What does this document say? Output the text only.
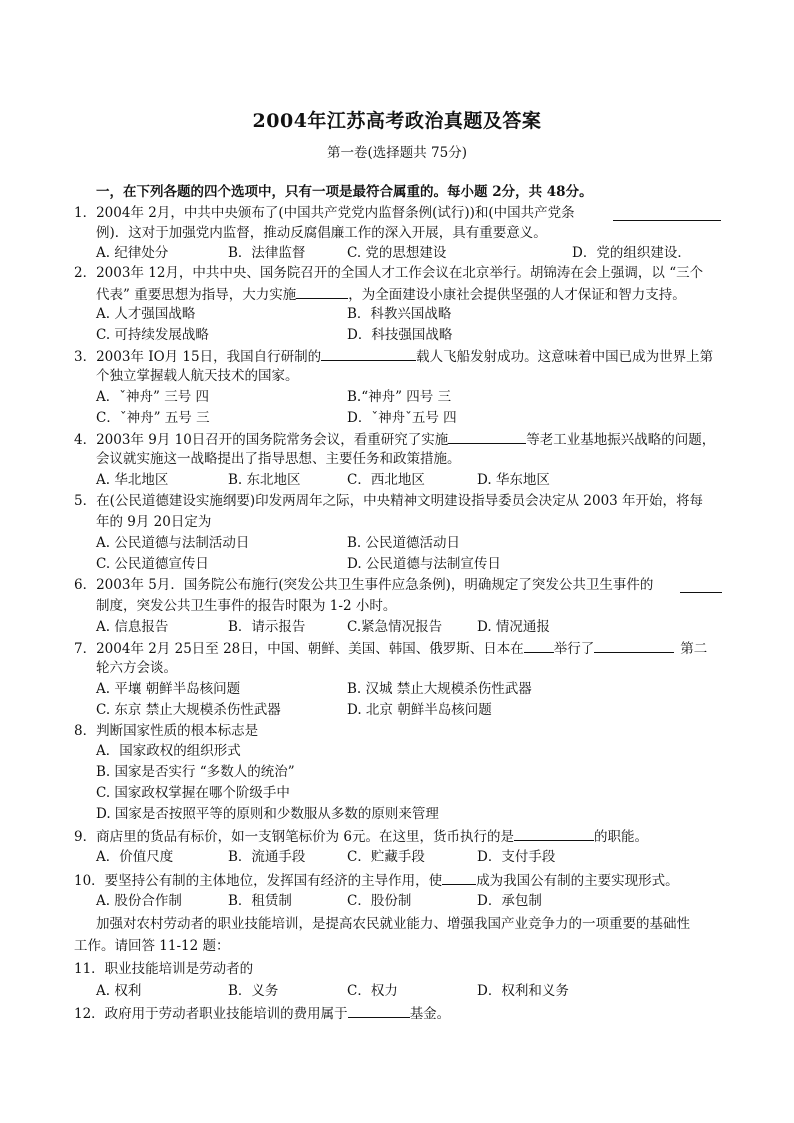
2004年江苏高考政治真题及答案
第一卷(选择题共 75分)
一，在下列各题的四个选项中，只有一项是最符合属重的。每小题 2分，共 48分。
1．2004年 2月，中共中央颁布了(中国共产党党内监督条例(试行))和(中国共产党条
例)．这对于加强党内监督，推动反腐倡廉工作的深入开展，具有重要意义。
A. 纪律处分	B．法律监督	C. 党的思想建设	D．党的组织建设．
2．2003年 12月，中共中央、国务院召开的全国人才工作会议在北京举行。胡锦涛在会上强调，以 “三个
代表” 重要思想为指导，大力实施	，为全面建设小康社会提供坚强的人才保证和智力支持。
A. 人才强国战略	B．科教兴国战略
C. 可持续发展战略	D．科技强国战略
3．2003年 IO月 15日，我国自行研制的	载人飞船发射成功。这意味着中国已成为世界上第
个独立掌握载人航天技术的国家。
A．ˇ神舟” 三号 四	B.“神舟” 四号 三
C．ˇ神舟” 五号 三	D．ˇ神舟ˇ五号 四
4．2003年 9月 10日召开的国务院常务会议，看重研究了实施	等老工业基地振兴战略的问题，
会议就实施这一战略提出了指导思想、主要任务和政策措施。
A. 华北地区	B. 东北地区	C．西北地区	D. 华东地区
5．在(公民道德建设实施纲要)印发两周年之际，中央精神文明建设指导委员会决定从 2003 年开始，将每
年的 9月 20日定为
A. 公民道德与法制活动日	B. 公民道德活动日
C. 公民道德宣传日	D. 公民道德与法制宣传日
6．2003年 5月．国务院公布施行(突发公共卫生事件应急条例)，明确规定了突发公共卫生事件的
制度，突发公共卫生事件的报告时限为 1-2 小时。
A. 信息报告	B．请示报告	C.紧急情况报告	D. 情况通报
7．2004年 2月 25日至 28日，中国、朝鲜、美国、韩国、俄罗斯、日本在 举行了	第二
轮六方会谈。
A. 平壤 朝鲜半岛核问题	B. 汉城 禁止大规模杀伤性武器
C. 东京 禁止大规模杀伤性武器	D. 北京 朝鲜半岛核问题
8．判断国家性质的根本标志是
A．国家政权的组织形式
B. 国家是否实行 “多数人的统治”
C. 国家政权掌握在哪个阶级手中
D. 国家是否按照平等的原则和少数服从多数的原则来管理
9．商店里的货品有标价，如一支钢笔标价为 6元。在这里，货币执行的是	的职能。
A．价值尺度	B．流通手段	C．贮藏手段	D．支付手段
10．要坚持公有制的主体地位，发挥国有经济的主导作用，使	成为我国公有制的主要实现形式。
A. 股份合作制	B．租赁制	C．股份制	D．承包制
加强对农村劳动者的职业技能培训，是提高农民就业能力、增强我国产业竞争力的一项重要的基础性
工作。请回答 11-12 题：
11．职业技能培训是劳动者的
A. 权利	B．义务	C．权力	D．权利和义务
12．政府用于劳动者职业技能培训的费用属于	基金。
